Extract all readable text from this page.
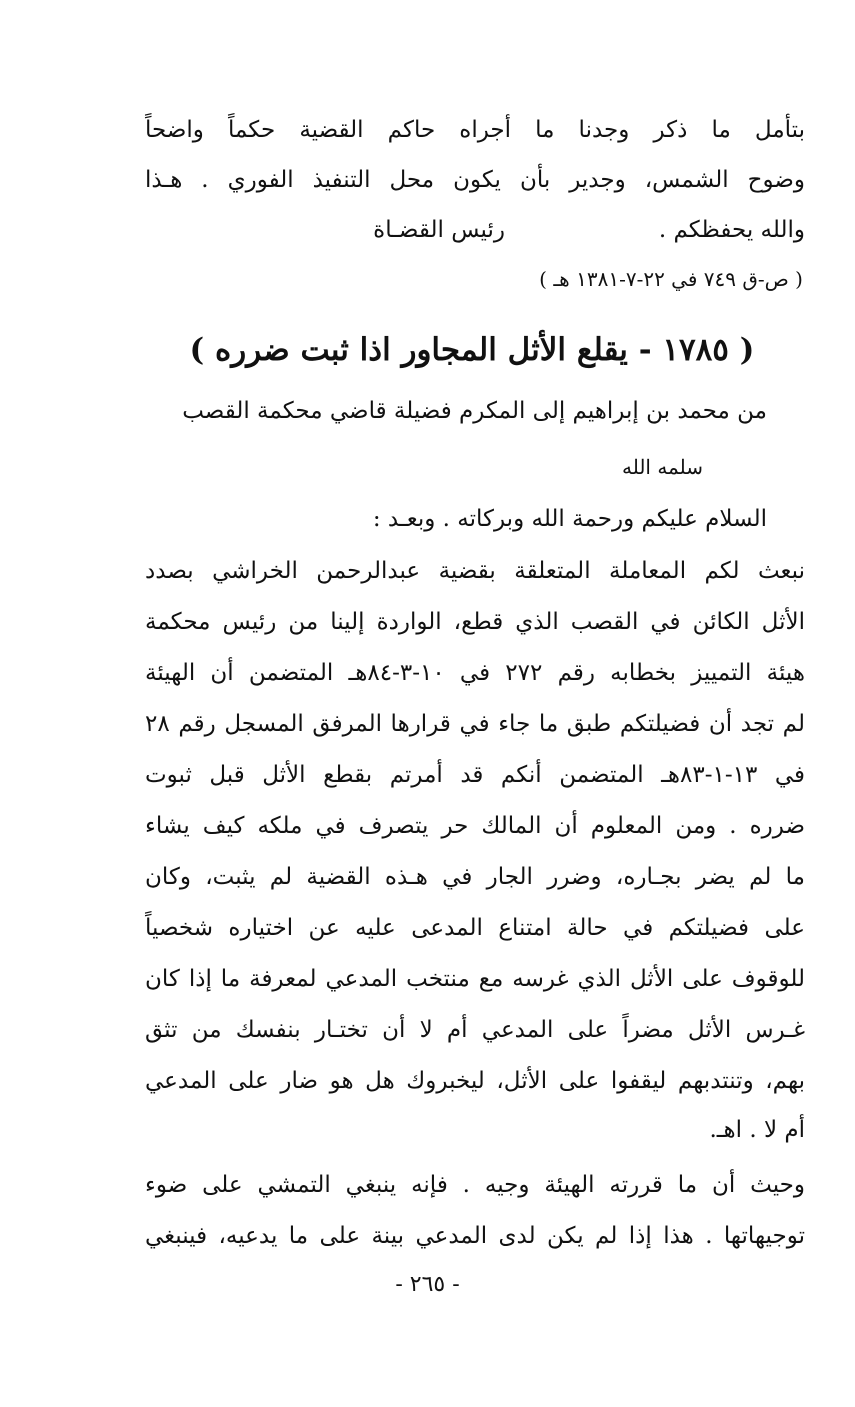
بتأمل ما ذكر وجدنا ما أجراه حاكم القضية حكماً واضحاً
وضوح الشمس، وجدير بأن يكون محل التنفيذ الفوري . هـذا
والله يحفظكم .
رئيس القضـاة
( ص-ق ٧٤٩ في ٢٢-٧-١٣٨١ هـ )
( ١٧٨٥ - يقلع الأثل المجاور اذا ثبت ضرره )
من محمد بن إبراهيم إلى المكرم فضيلة قاضي محكمة القصب
سلمه الله
السلام عليكم ورحمة الله وبركاته . وبعـد :
نبعث لكم المعاملة المتعلقة بقضية عبدالرحمن الخراشي بصدد
الأثل الكائن في القصب الذي قطع، الواردة إلينا من رئيس محكمة
هيئة التمييز بخطابه رقم ٢٧٢ في ١٠-٣-٨٤هـ المتضمن أن الهيئة
لم تجد أن فضيلتكم طبق ما جاء في قرارها المرفق المسجل رقم ٢٨
في ١٣-١-٨٣هـ المتضمن أنكم قد أمرتم بقطع الأثل قبل ثبوت
ضرره . ومن المعلوم أن المالك حر يتصرف في ملكه كيف يشاء
ما لم يضر بجـاره، وضرر الجار في هـذه القضية لم يثبت، وكان
على فضيلتكم في حالة امتناع المدعى عليه عن اختياره شخصياً
للوقوف على الأثل الذي غرسه مع منتخب المدعي لمعرفة ما إذا كان
غـرس الأثل مضراً على المدعي أم لا أن تختـار بنفسك من تثق
بهم، وتنتدبهم ليقفوا على الأثل، ليخبروك هل هو ضار على المدعي
أم لا . اهـ.
وحيث أن ما قررته الهيئة وجيه . فإنه ينبغي التمشي على ضوء
توجيهاتها . هذا إذا لم يكن لدى المدعي بينة على ما يدعيه، فينبغي
- ٢٦٥ -
